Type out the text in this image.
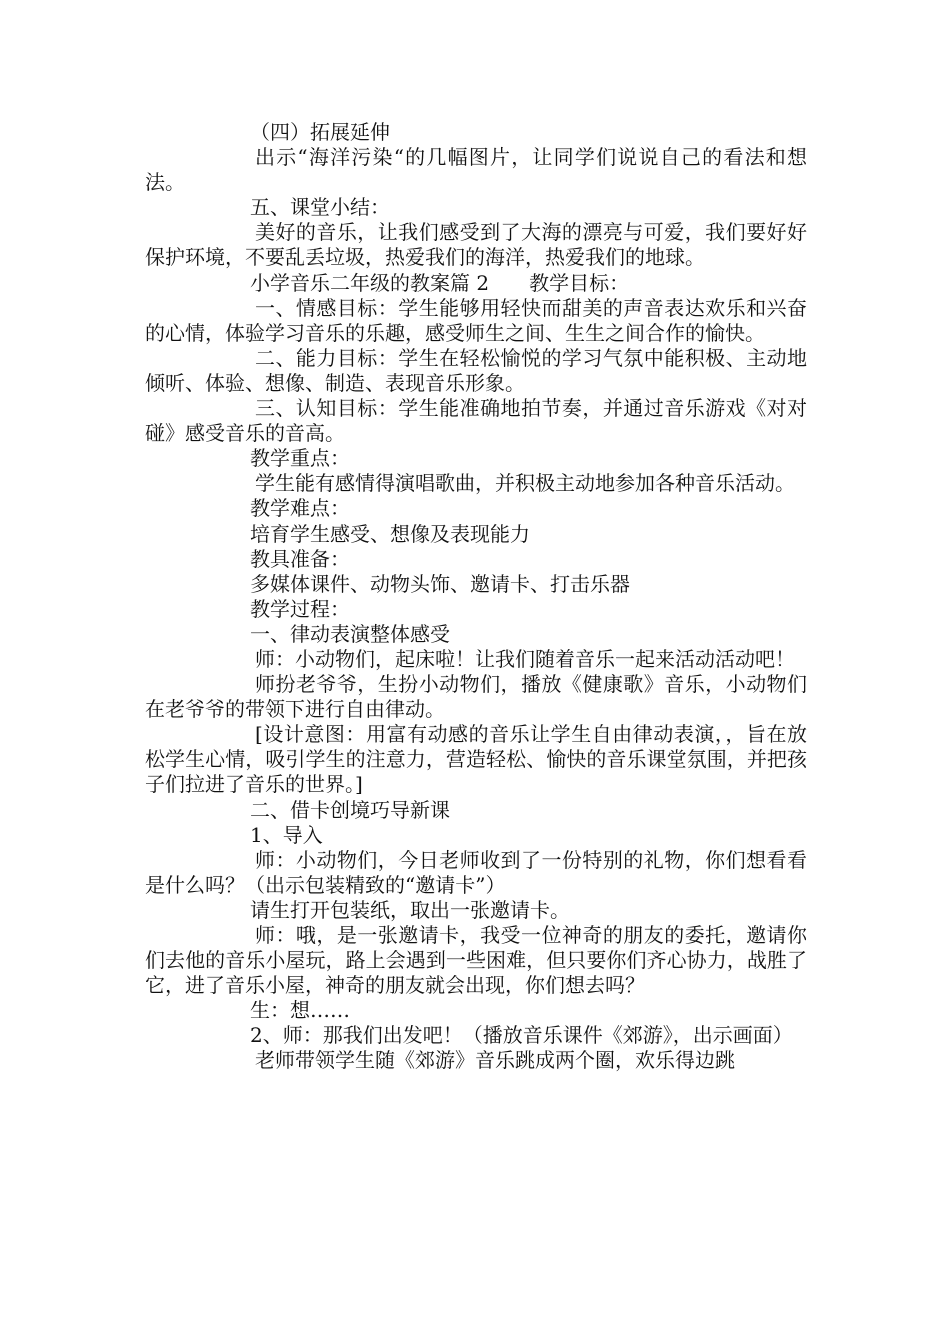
（四）拓展延伸

出示“海洋污染“的几幅图片，让同学们说说自己的看法和想法。

五、课堂小结：

美好的音乐，让我们感受到了大海的漂亮与可爱，我们要好好保护环境，不要乱丢垃圾，热爱我们的海洋，热爱我们的地球。

小学音乐二年级的教案篇 2　　教学目标：

一、情感目标：学生能够用轻快而甜美的声音表达欢乐和兴奋的心情，体验学习音乐的乐趣，感受师生之间、生生之间合作的愉快。

二、能力目标：学生在轻松愉悦的学习气氛中能积极、主动地倾听、体验、想像、制造、表现音乐形象。

三、认知目标：学生能准确地拍节奏，并通过音乐游戏《对对碰》感受音乐的音高。

教学重点：

学生能有感情得演唱歌曲，并积极主动地参加各种音乐活动。

教学难点：

培育学生感受、想像及表现能力

教具准备：

多媒体课件、动物头饰、邀请卡、打击乐器

教学过程：

一、律动表演整体感受

师：小动物们，起床啦！让我们随着音乐一起来活动活动吧！

师扮老爷爷，生扮小动物们，播放《健康歌》音乐，小动物们在老爷爷的带领下进行自由律动。

[设计意图：用富有动感的音乐让学生自由律动表演，，旨在放松学生心情，吸引学生的注意力，营造轻松、愉快的音乐课堂氛围，并把孩子们拉进了音乐的世界。]

二、借卡创境巧导新课

1、导入

师：小动物们，今日老师收到了一份特别的礼物，你们想看看是什么吗？（出示包装精致的“邀请卡”）

请生打开包装纸，取出一张邀请卡。

师：哦，是一张邀请卡，我受一位神奇的朋友的委托，邀请你们去他的音乐小屋玩，路上会遇到一些困难，但只要你们齐心协力，战胜了它，进了音乐小屋，神奇的朋友就会出现，你们想去吗？

生：想……

2、师：那我们出发吧！（播放音乐课件《郊游》，出示画面）

老师带领学生随《郊游》音乐跳成两个圈，欢乐得边跳
